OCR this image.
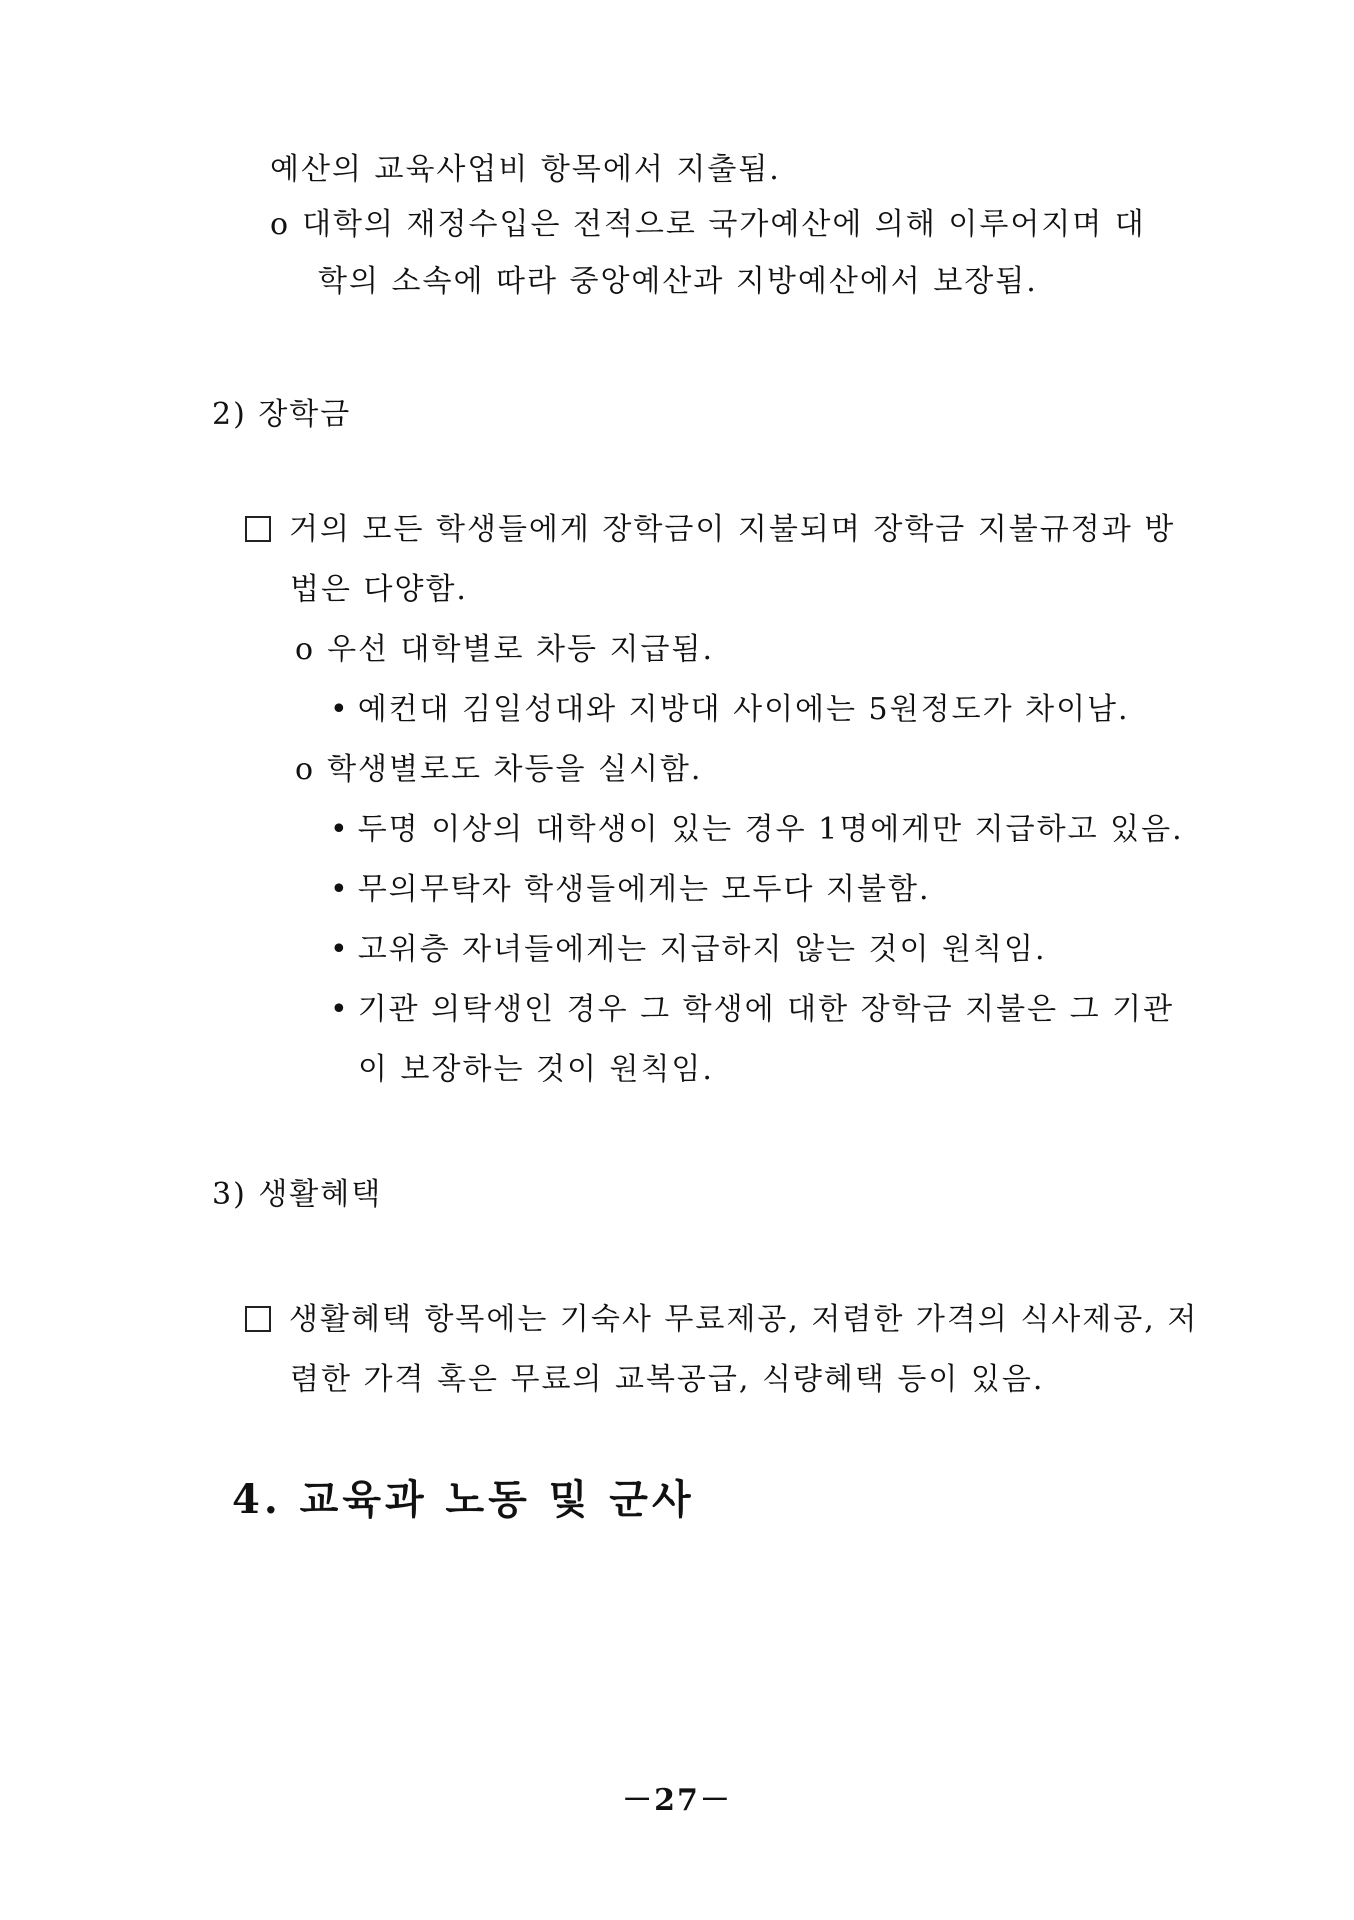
예산의 교육사업비 항목에서 지출됨.
o 대학의 재정수입은 전적으로 국가예산에 의해 이루어지며 대
학의 소속에 따라 중앙예산과 지방예산에서 보장됨.
2) 장학금
거의 모든 학생들에게 장학금이 지불되며 장학금 지불규정과 방
법은 다양함.
o 우선 대학별로 차등 지급됨.
• 예컨대 김일성대와 지방대 사이에는 5원정도가 차이남.
o 학생별로도 차등을 실시함.
• 두명 이상의 대학생이 있는 경우 1명에게만 지급하고 있음.
• 무의무탁자 학생들에게는 모두다 지불함.
• 고위층 자녀들에게는 지급하지 않는 것이 원칙임.
• 기관 의탁생인 경우 그 학생에 대한 장학금 지불은 그 기관
이 보장하는 것이 원칙임.
3) 생활혜택
생활혜택 항목에는 기숙사 무료제공, 저렴한 가격의 식사제공, 저
렴한 가격 혹은 무료의 교복공급, 식량혜택 등이 있음.
4. 교육과 노동 및 군사
－27－
